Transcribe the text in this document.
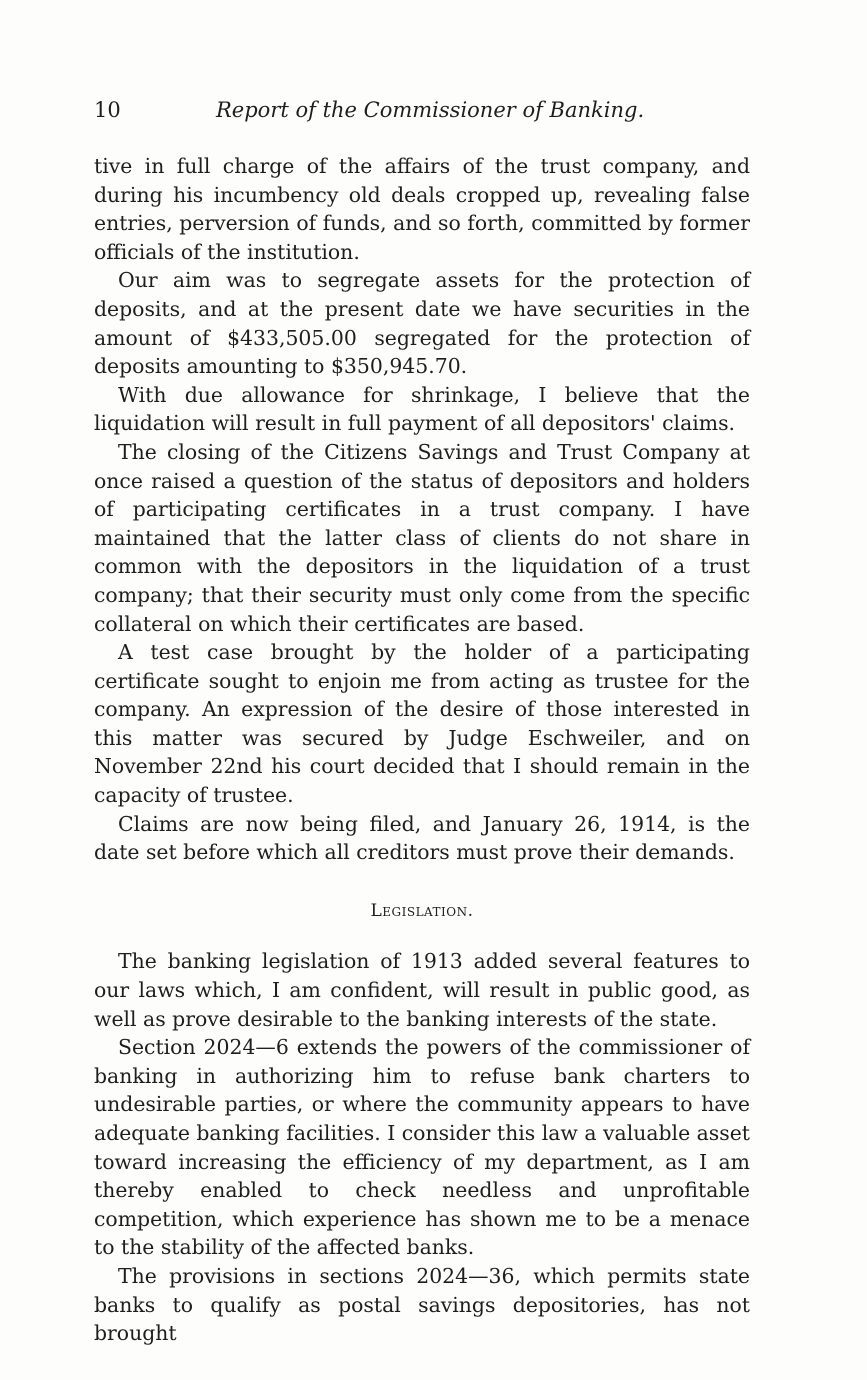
10	Report of the Commissioner of Banking.

tive in full charge of the affairs of the trust company, and during his incumbency old deals cropped up, revealing false entries, perversion of funds, and so forth, committed by former officials of the institution.

Our aim was to segregate assets for the protection of deposits, and at the present date we have securities in the amount of $433,505.00 segregated for the protection of deposits amounting to $350,945.70.

With due allowance for shrinkage, I believe that the liquidation will result in full payment of all depositors' claims.

The closing of the Citizens Savings and Trust Company at once raised a question of the status of depositors and holders of participating certificates in a trust company. I have maintained that the latter class of clients do not share in common with the depositors in the liquidation of a trust company; that their security must only come from the specific collateral on which their certificates are based.

A test case brought by the holder of a participating certificate sought to enjoin me from acting as trustee for the company. An expression of the desire of those interested in this matter was secured by Judge Eschweiler, and on November 22nd his court decided that I should remain in the capacity of trustee.

Claims are now being filed, and January 26, 1914, is the date set before which all creditors must prove their demands.

Legislation.

The banking legislation of 1913 added several features to our laws which, I am confident, will result in public good, as well as prove desirable to the banking interests of the state.

Section 2024—6 extends the powers of the commissioner of banking in authorizing him to refuse bank charters to undesirable parties, or where the community appears to have adequate banking facilities. I consider this law a valuable asset toward increasing the efficiency of my department, as I am thereby enabled to check needless and unprofitable competition, which experience has shown me to be a menace to the stability of the affected banks.

The provisions in sections 2024—36, which permits state banks to qualify as postal savings depositories, has not brought
